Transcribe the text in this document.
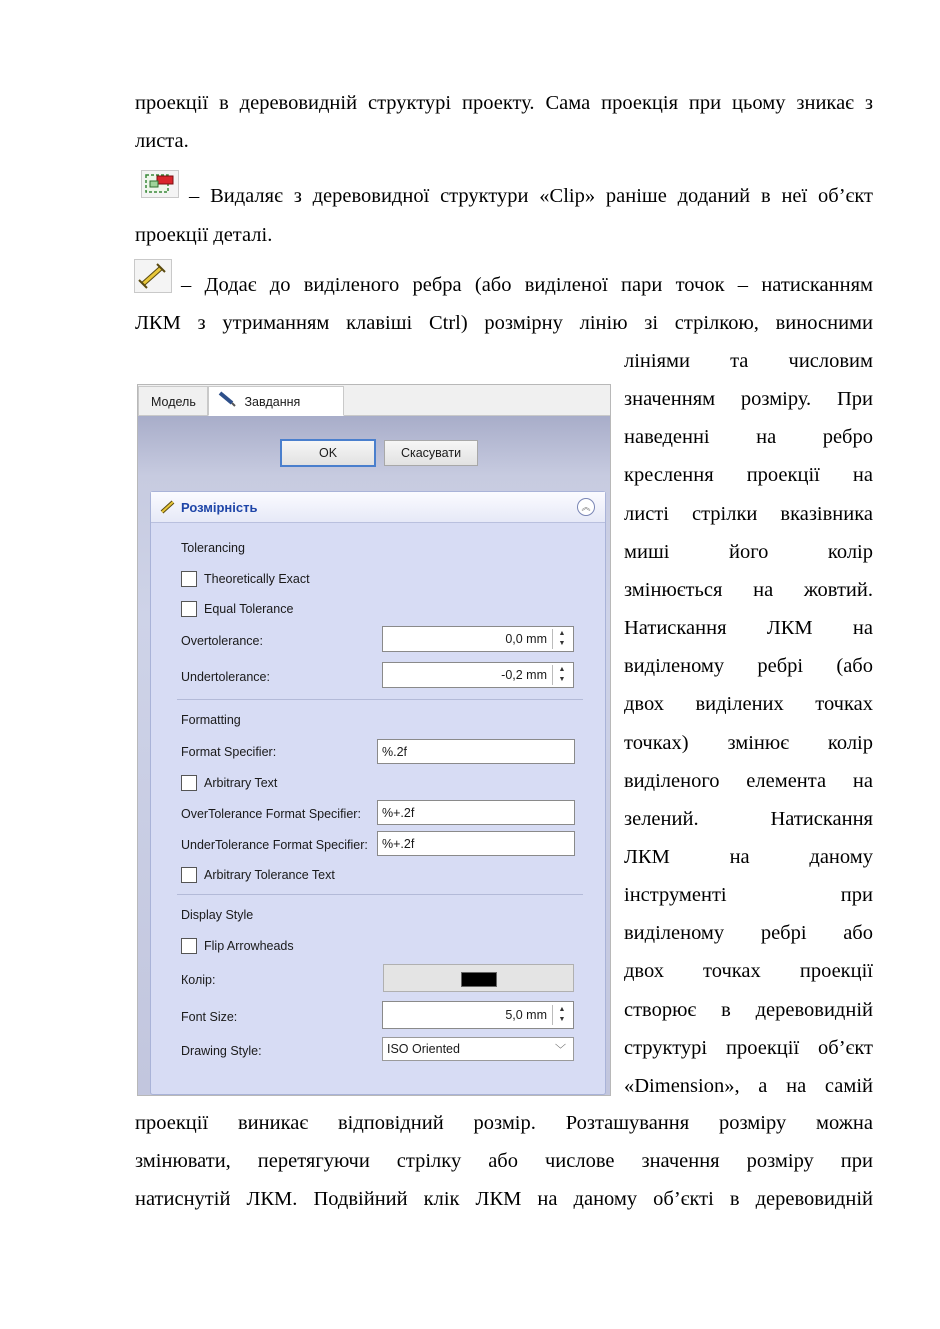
проекції в деревовидній структурі проекту. Сама проекція при цьому зникає з
листа.
– Видаляє з деревовидної структури «Clip» раніше доданий в неї об’єкт
проекції деталі.
– Додає до виділеного ребра (або виділеної пари точок – натисканням
ЛКМ з утриманням клавіші Ctrl) розмірну лінію зі стрілкою, виносними
лініями та числовим
значенням розміру. При
наведенні на ребро
креслення проекції на
листі стрілки вказівника
миші його колір
змінюється на жовтий.
Натискання ЛКМ на
виділеному ребрі (або
двох виділених точках
точках) змінює колір
виділеного елемента на
зелений. Натискання
ЛКМ на даному
інструменті при
виділеному ребрі або
двох точках проекції
створює в деревовидній
структурі проекції об’єкт
«Dimension», а на самій
проекції виникає відповідний розмір. Розташування розміру можна
змінювати, перетягуючи стрілку або числове значення розміру при
натиснутій ЛКМ. Подвійний клік ЛКМ на даному об’єкті в деревовидній
Модель	Завдання
OK	Скасувати
Розмірність	︽
Tolerancing
Theoretically Exact
Equal Tolerance
Overtolerance:	0,0 mm	▲
▼
Undertolerance:	-0,2 mm	▲
▼
Formatting
Format Specifier:	%.2f
Arbitrary Text
OverTolerance Format Specifier: %+.2f
UnderTolerance Format Specifier: %+.2f
Arbitrary Tolerance Text
Display Style
Flip Arrowheads
Колір:
Font Size:	5,0 mm	▲
▼
Drawing Style:	ISO Oriented	﹀
